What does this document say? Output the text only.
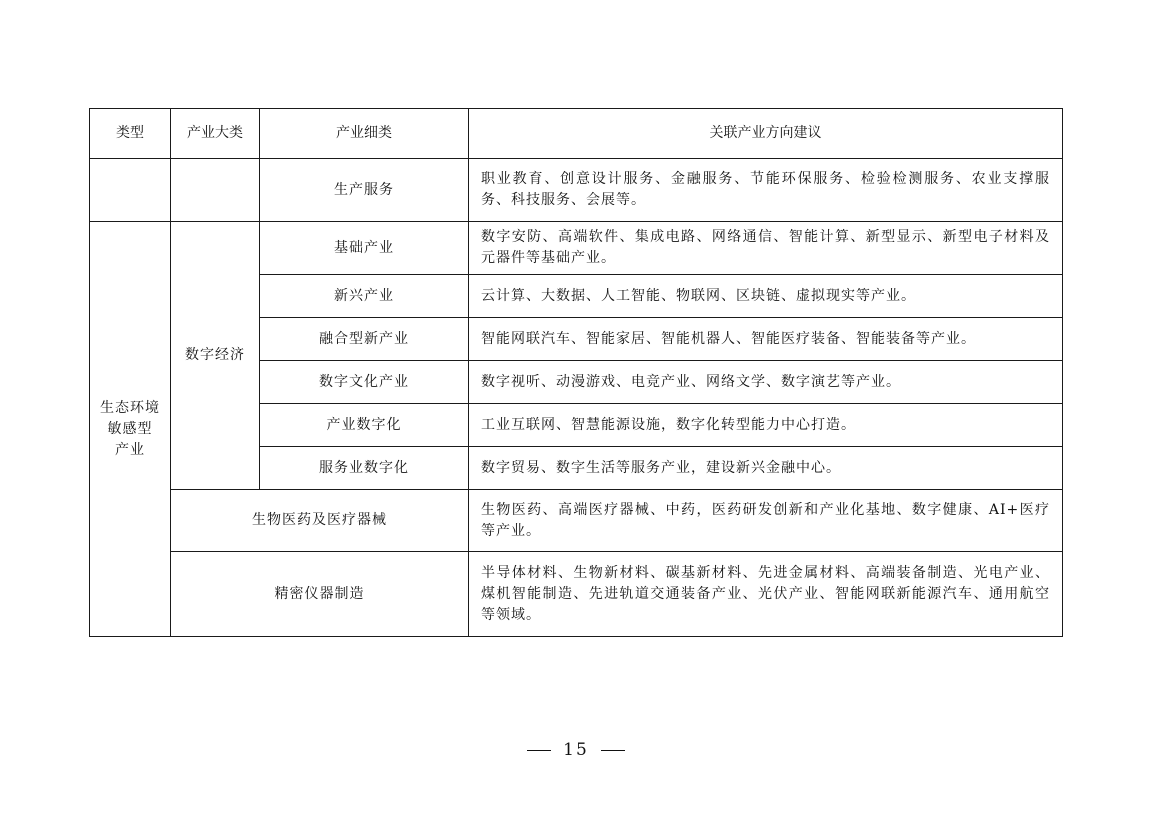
类型	产业大类	产业细类	关联产业方向建议
		生产服务	职业教育、创意设计服务、金融服务、节能环保服务、检验检测服务、农业支撑服务、科技服务、会展等。
生态环境
敏感型
产业	数字经济	基础产业	数字安防、高端软件、集成电路、网络通信、智能计算、新型显示、新型电子材料及元器件等基础产业。
		新兴产业	云计算、大数据、人工智能、物联网、区块链、虚拟现实等产业。
		融合型新产业	智能网联汽车、智能家居、智能机器人、智能医疗装备、智能装备等产业。
		数字文化产业	数字视听、动漫游戏、电竞产业、网络文学、数字演艺等产业。
		产业数字化	工业互联网、智慧能源设施，数字化转型能力中心打造。
		服务业数字化	数字贸易、数字生活等服务产业，建设新兴金融中心。
	生物医药及医疗器械		生物医药、高端医疗器械、中药，医药研发创新和产业化基地、数字健康、AI+医疗等产业。
	精密仪器制造		半导体材料、生物新材料、碳基新材料、先进金属材料、高端装备制造、光电产业、煤机智能制造、先进轨道交通装备产业、光伏产业、智能网联新能源汽车、通用航空等领域。
15
